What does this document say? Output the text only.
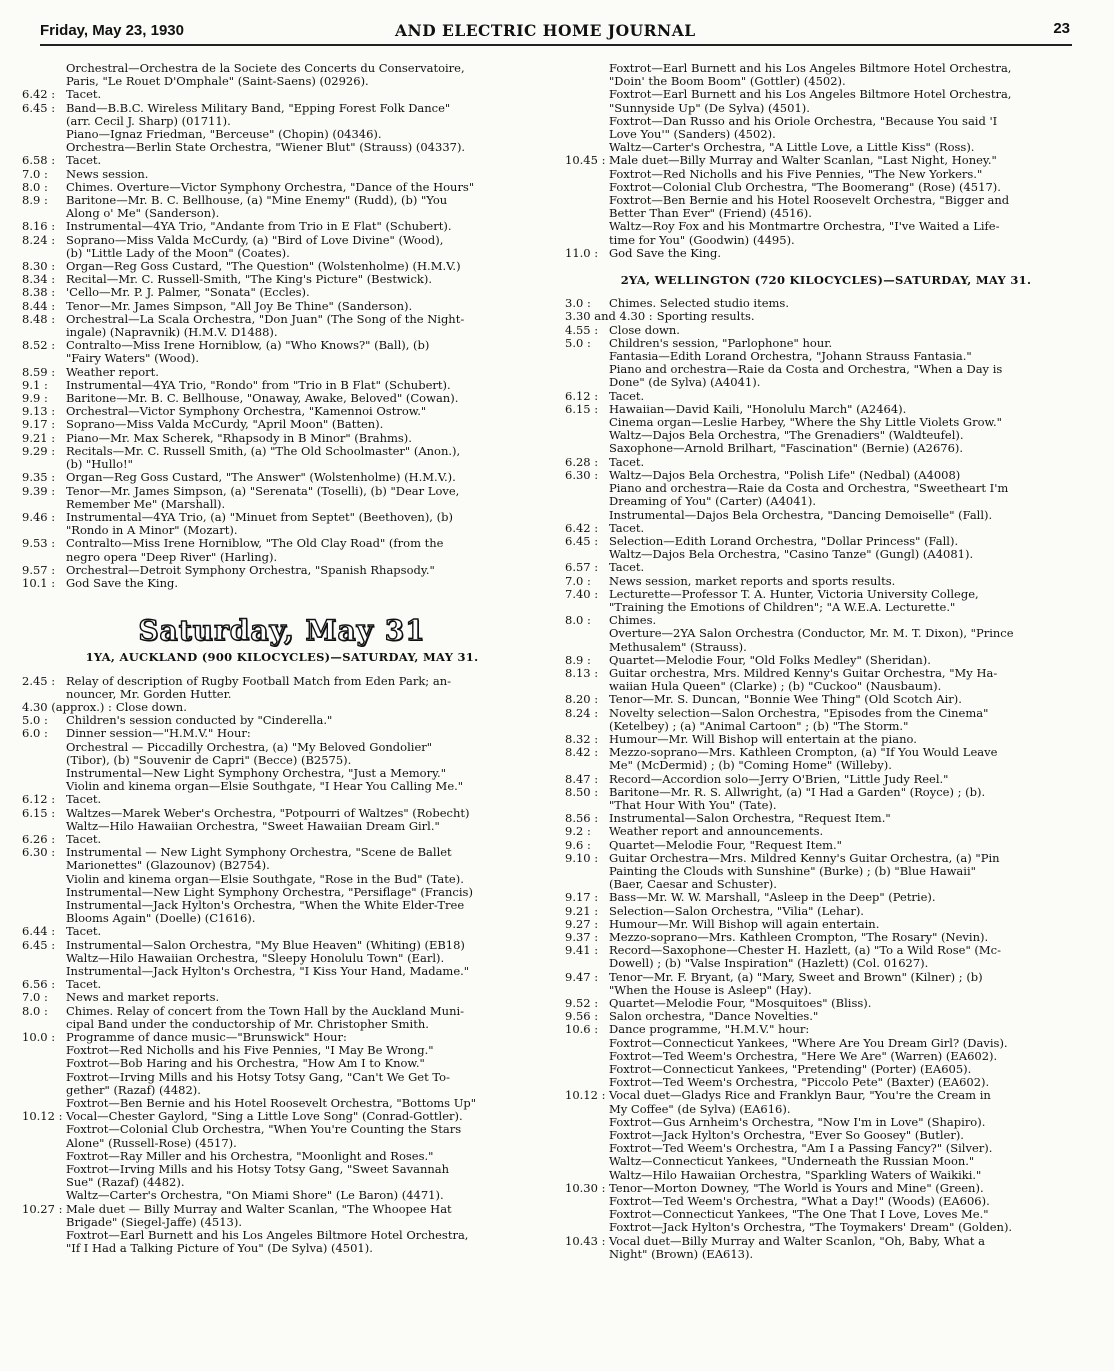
Friday, May 23, 1930	AND ELECTRIC HOME JOURNAL	23
Orchestral—Orchestra de la Societe des Concerts du Conservatoire,
Paris, "Le Rouet D'Omphale" (Saint-Saens) (02926).
6.42 : Tacet.
6.45 : Band—B.B.C. Wireless Military Band, "Epping Forest Folk Dance"
(arr. Cecil J. Sharp) (01711).
Piano—Ignaz Friedman, "Berceuse" (Chopin) (04346).
Orchestra—Berlin State Orchestra, "Wiener Blut" (Strauss) (04337).
6.58 : Tacet.
7.0 :	News session.
8.0 :	Chimes. Overture—Victor Symphony Orchestra, "Dance of the Hours"
8.9 :	Baritone—Mr. B. C. Bellhouse, (a) "Mine Enemy" (Rudd), (b) "You
Along o' Me" (Sanderson).
8.16 : Instrumental—4YA Trio, "Andante from Trio in E Flat" (Schubert).
8.24 : Soprano—Miss Valda McCurdy, (a) "Bird of Love Divine" (Wood),
(b) "Little Lady of the Moon" (Coates).
8.30 : Organ—Reg Goss Custard, "The Question" (Wolstenholme) (H.M.V.)
8.34 : Recital—Mr. C. Russell-Smith, "The King's Picture" (Bestwick).
8.38 : 'Cello—Mr. P. J. Palmer, "Sonata" (Eccles).
8.44 : Tenor—Mr. James Simpson, "All Joy Be Thine" (Sanderson).
8.48 : Orchestral—La Scala Orchestra, "Don Juan" (The Song of the Night-
ingale) (Napravnik) (H.M.V. D1488).
8.52 : Contralto—Miss Irene Horniblow, (a) "Who Knows?" (Ball), (b)
"Fairy Waters" (Wood).
8.59 : Weather report.
9.1 :	Instrumental—4YA Trio, "Rondo" from "Trio in B Flat" (Schubert).
9.9 :	Baritone—Mr. B. C. Bellhouse, "Onaway, Awake, Beloved" (Cowan).
9.13 : Orchestral—Victor Symphony Orchestra, "Kamennoi Ostrow."
9.17 : Soprano—Miss Valda McCurdy, "April Moon" (Batten).
9.21 : Piano—Mr. Max Scherek, "Rhapsody in B Minor" (Brahms).
9.29 : Recitals—Mr. C. Russell Smith, (a) "The Old Schoolmaster" (Anon.),
(b) "Hullo!"
9.35 : Organ—Reg Goss Custard, "The Answer" (Wolstenholme) (H.M.V.).
9.39 : Tenor—Mr. James Simpson, (a) "Serenata" (Toselli), (b) "Dear Love,
Remember Me" (Marshall).
9.46 : Instrumental—4YA Trio, (a) "Minuet from Septet" (Beethoven), (b)
"Rondo in A Minor" (Mozart).
9.53 : Contralto—Miss Irene Horniblow, "The Old Clay Road" (from the
negro opera "Deep River" (Harling).
9.57 : Orchestral—Detroit Symphony Orchestra, "Spanish Rhapsody."
10.1 : God Save the King.
Saturday, May 31
1YA, AUCKLAND (900 KILOCYCLES)—SATURDAY, MAY 31.
2.45 : Relay of description of Rugby Football Match from Eden Park; an-
nouncer, Mr. Gorden Hutter.
4.30 (approx.) : Close down.
5.0 :	Children's session conducted by "Cinderella."
6.0 :	Dinner session—"H.M.V." Hour:
Orchestral — Piccadilly Orchestra, (a) "My Beloved Gondolier"
(Tibor), (b) "Souvenir de Capri" (Becce) (B2575).
Instrumental—New Light Symphony Orchestra, "Just a Memory."
Violin and kinema organ—Elsie Southgate, "I Hear You Calling Me."
6.12 : Tacet.
6.15 : Waltzes—Marek Weber's Orchestra, "Potpourri of Waltzes" (Robecht)
Waltz—Hilo Hawaiian Orchestra, "Sweet Hawaiian Dream Girl."
6.26 : Tacet.
6.30 : Instrumental — New Light Symphony Orchestra, "Scene de Ballet
Marionettes" (Glazounov) (B2754).
Violin and kinema organ—Elsie Southgate, "Rose in the Bud" (Tate).
Instrumental—New Light Symphony Orchestra, "Persiflage" (Francis)
Instrumental—Jack Hylton's Orchestra, "When the White Elder-Tree
Blooms Again" (Doelle) (C1616).
6.44 : Tacet.
6.45 : Instrumental—Salon Orchestra, "My Blue Heaven" (Whiting) (EB18)
Waltz—Hilo Hawaiian Orchestra, "Sleepy Honolulu Town" (Earl).
Instrumental—Jack Hylton's Orchestra, "I Kiss Your Hand, Madame."
6.56 : Tacet.
7.0 :	News and market reports.
8.0 :	Chimes. Relay of concert from the Town Hall by the Auckland Muni-
cipal Band under the conductorship of Mr. Christopher Smith.
10.0 : Programme of dance music—"Brunswick" Hour:
Foxtrot—Red Nicholls and his Five Pennies, "I May Be Wrong."
Foxtrot—Bob Haring and his Orchestra, "How Am I to Know."
Foxtrot—Irving Mills and his Hotsy Totsy Gang, "Can't We Get To-
gether" (Razaf) (4482).
Foxtrot—Ben Bernie and his Hotel Roosevelt Orchestra, "Bottoms Up"
10.12 : Vocal—Chester Gaylord, "Sing a Little Love Song" (Conrad-Gottler).
Foxtrot—Colonial Club Orchestra, "When You're Counting the Stars
Alone" (Russell-Rose) (4517).
Foxtrot—Ray Miller and his Orchestra, "Moonlight and Roses."
Foxtrot—Irving Mills and his Hotsy Totsy Gang, "Sweet Savannah
Sue" (Razaf) (4482).
Waltz—Carter's Orchestra, "On Miami Shore" (Le Baron) (4471).
10.27 : Male duet — Billy Murray and Walter Scanlan, "The Whoopee Hat
Brigade" (Siegel-Jaffe) (4513).
Foxtrot—Earl Burnett and his Los Angeles Biltmore Hotel Orchestra,
"If I Had a Talking Picture of You" (De Sylva) (4501).
Foxtrot—Earl Burnett and his Los Angeles Biltmore Hotel Orchestra,
"Doin' the Boom Boom" (Gottler) (4502).
Foxtrot—Earl Burnett and his Los Angeles Biltmore Hotel Orchestra,
"Sunnyside Up" (De Sylva) (4501).
Foxtrot—Dan Russo and his Oriole Orchestra, "Because You said 'I
Love You'" (Sanders) (4502).
Waltz—Carter's Orchestra, "A Little Love, a Little Kiss" (Ross).
10.45 : Male duet—Billy Murray and Walter Scanlan, "Last Night, Honey."
Foxtrot—Red Nicholls and his Five Pennies, "The New Yorkers."
Foxtrot—Colonial Club Orchestra, "The Boomerang" (Rose) (4517).
Foxtrot—Ben Bernie and his Hotel Roosevelt Orchestra, "Bigger and
Better Than Ever" (Friend) (4516).
Waltz—Roy Fox and his Montmartre Orchestra, "I've Waited a Life-
time for You" (Goodwin) (4495).
11.0 : God Save the King.
2YA, WELLINGTON (720 KILOCYCLES)—SATURDAY, MAY 31.
3.0 :	Chimes. Selected studio items.
3.30 and 4.30 : Sporting results.
4.55 : Close down.
5.0 :	Children's session, "Parlophone" hour.
Fantasia—Edith Lorand Orchestra, "Johann Strauss Fantasia."
Piano and orchestra—Raie da Costa and Orchestra, "When a Day is
Done" (de Sylva) (A4041).
6.12 : Tacet.
6.15 : Hawaiian—David Kaili, "Honolulu March" (A2464).
Cinema organ—Leslie Harbey, "Where the Shy Little Violets Grow."
Waltz—Dajos Bela Orchestra, "The Grenadiers" (Waldteufel).
Saxophone—Arnold Brilhart, "Fascination" (Bernie) (A2676).
6.28 : Tacet.
6.30 : Waltz—Dajos Bela Orchestra, "Polish Life" (Nedbal) (A4008)
Piano and orchestra—Raie da Costa and Orchestra, "Sweetheart I'm
Dreaming of You" (Carter) (A4041).
Instrumental—Dajos Bela Orchestra, "Dancing Demoiselle" (Fall).
6.42 : Tacet.
6.45 : Selection—Edith Lorand Orchestra, "Dollar Princess" (Fall).
Waltz—Dajos Bela Orchestra, "Casino Tanze" (Gungl) (A4081).
6.57 : Tacet.
7.0 :	News session, market reports and sports results.
7.40 : Lecturette—Professor T. A. Hunter, Victoria University College,
"Training the Emotions of Children"; "A W.E.A. Lecturette."
8.0 :	Chimes.
Overture—2YA Salon Orchestra (Conductor, Mr. M. T. Dixon), "Prince
Methusalem" (Strauss).
8.9 :	Quartet—Melodie Four, "Old Folks Medley" (Sheridan).
8.13 : Guitar orchestra, Mrs. Mildred Kenny's Guitar Orchestra, "My Ha-
waiian Hula Queen" (Clarke) ; (b) "Cuckoo" (Nausbaum).
8.20 : Tenor—Mr. S. Duncan, "Bonnie Wee Thing" (Old Scotch Air).
8.24 : Novelty selection—Salon Orchestra, "Episodes from the Cinema"
(Ketelbey) ; (a) "Animal Cartoon" ; (b) "The Storm."
8.32 : Humour—Mr. Will Bishop will entertain at the piano.
8.42 : Mezzo-soprano—Mrs. Kathleen Crompton, (a) "If You Would Leave
Me" (McDermid) ; (b) "Coming Home" (Willeby).
8.47 : Record—Accordion solo—Jerry O'Brien, "Little Judy Reel."
8.50 : Baritone—Mr. R. S. Allwright, (a) "I Had a Garden" (Royce) ; (b).
"That Hour With You" (Tate).
8.56 : Instrumental—Salon Orchestra, "Request Item."
9.2 :	Weather report and announcements.
9.6 :	Quartet—Melodie Four, "Request Item."
9.10 : Guitar Orchestra—Mrs. Mildred Kenny's Guitar Orchestra, (a) "Pin
Painting the Clouds with Sunshine" (Burke) ; (b) "Blue Hawaii"
(Baer, Caesar and Schuster).
9.17 : Bass—Mr. W. W. Marshall, "Asleep in the Deep" (Petrie).
9.21 : Selection—Salon Orchestra, "Vilia" (Lehar).
9.27 : Humour—Mr. Will Bishop will again entertain.
9.37 : Mezzo-soprano—Mrs. Kathleen Crompton, "The Rosary" (Nevin).
9.41 : Record—Saxophone—Chester H. Hazlett, (a) "To a Wild Rose" (Mc-
Dowell) ; (b) "Valse Inspiration" (Hazlett) (Col. 01627).
9.47 : Tenor—Mr. F. Bryant, (a) "Mary, Sweet and Brown" (Kilner) ; (b)
"When the House is Asleep" (Hay).
9.52 : Quartet—Melodie Four, "Mosquitoes" (Bliss).
9.56 : Salon orchestra, "Dance Novelties."
10.6 : Dance programme, "H.M.V." hour:
Foxtrot—Connecticut Yankees, "Where Are You Dream Girl? (Davis).
Foxtrot—Ted Weem's Orchestra, "Here We Are" (Warren) (EA602).
Foxtrot—Connecticut Yankees, "Pretending" (Porter) (EA605).
Foxtrot—Ted Weem's Orchestra, "Piccolo Pete" (Baxter) (EA602).
10.12 : Vocal duet—Gladys Rice and Franklyn Baur, "You're the Cream in
My Coffee" (de Sylva) (EA616).
Foxtrot—Gus Arnheim's Orchestra, "Now I'm in Love" (Shapiro).
Foxtrot—Jack Hylton's Orchestra, "Ever So Goosey" (Butler).
Foxtrot—Ted Weem's Orchestra, "Am I a Passing Fancy?" (Silver).
Waltz—Connecticut Yankees, "Underneath the Russian Moon."
Waltz—Hilo Hawaiian Orchestra, "Sparkling Waters of Waikiki."
10.30 : Tenor—Morton Downey, "The World is Yours and Mine" (Green).
Foxtrot—Ted Weem's Orchestra, "What a Day!" (Woods) (EA606).
Foxtrot—Connecticut Yankees, "The One That I Love, Loves Me."
Foxtrot—Jack Hylton's Orchestra, "The Toymakers' Dream" (Golden).
10.43 : Vocal duet—Billy Murray and Walter Scanlon, "Oh, Baby, What a
Night" (Brown) (EA613).
